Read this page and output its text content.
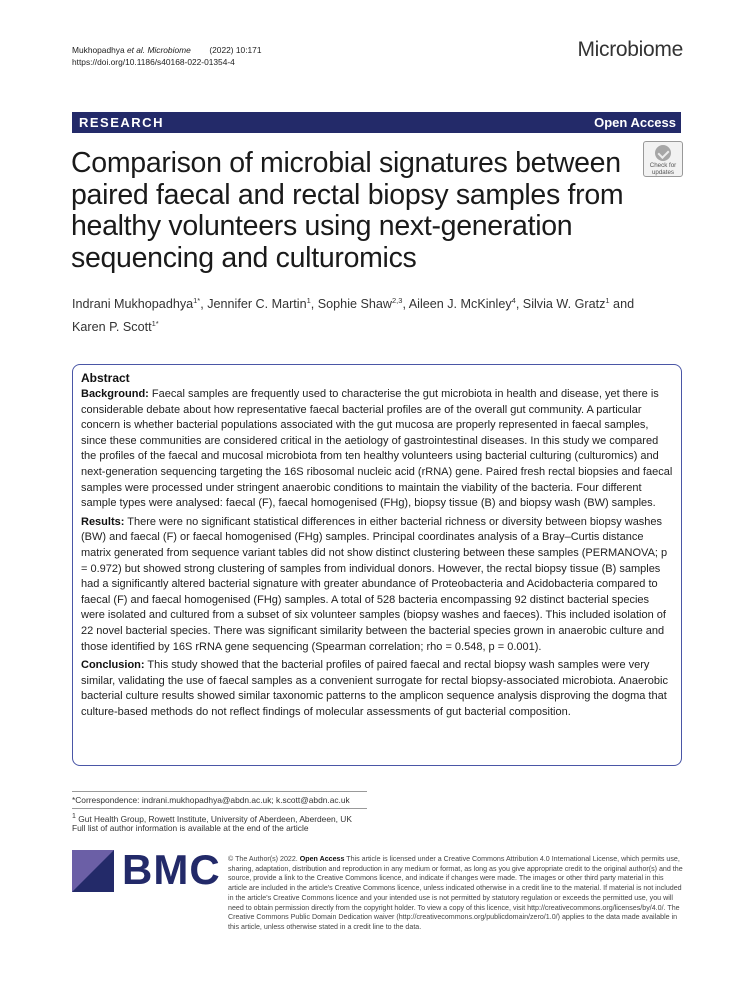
Mukhopadhya et al. Microbiome        (2022) 10:171
https://doi.org/10.1186/s40168-022-01354-4
Microbiome
RESEARCH	Open Access
Check for
updates
Comparison of microbial signatures between paired faecal and rectal biopsy samples from healthy volunteers using next-generation sequencing and culturomics
Indrani Mukhopadhya$^{1*}$, Jennifer C. Martin$^1$, Sophie Shaw$^{2,3}$, Aileen J. McKinley$^4$, Silvia W. Gratz$^1$ and
Karen P. Scott$^{1*}$
Abstract

Background: Faecal samples are frequently used to characterise the gut microbiota in health and disease, yet there is considerable debate about how representative faecal bacterial profiles are of the overall gut community. A particular concern is whether bacterial populations associated with the gut mucosa are properly represented in faecal samples, since these communities are considered critical in the aetiology of gastrointestinal diseases. In this study we compared the profiles of the faecal and mucosal microbiota from ten healthy volunteers using bacterial culturing (culturomics) and next-generation sequencing targeting the 16S ribosomal nucleic acid (rRNA) gene. Paired fresh rectal biopsies and faecal samples were processed under stringent anaerobic conditions to maintain the viability of the bacteria. Four different sample types were analysed: faecal (F), faecal homogenised (FHg), biopsy tissue (B) and biopsy wash (BW) samples.

Results: There were no significant statistical differences in either bacterial richness or diversity between biopsy washes (BW) and faecal (F) or faecal homogenised (FHg) samples. Principal coordinates analysis of a Bray–Curtis distance matrix generated from sequence variant tables did not show distinct clustering between these samples (PERMANOVA; p = 0.972) but showed strong clustering of samples from individual donors. However, the rectal biopsy tissue (B) samples had a significantly altered bacterial signature with greater abundance of Proteobacteria and Acidobacteria compared to faecal (F) and faecal homogenised (FHg) samples. A total of 528 bacteria encompassing 92 distinct bacterial species were isolated and cultured from a subset of six volunteer samples (biopsy washes and faeces). This included isolation of 22 novel bacterial species. There was significant similarity between the bacterial species grown in anaerobic culture and those identified by 16S rRNA gene sequencing (Spearman correlation; rho = 0.548, p = 0.001).

Conclusion: This study showed that the bacterial profiles of paired faecal and rectal biopsy wash samples were very similar, validating the use of faecal samples as a convenient surrogate for rectal biopsy-associated microbiota. Anaerobic bacterial culture results showed similar taxonomic patterns to the amplicon sequence analysis disproving the dogma that culture-based methods do not reflect findings of molecular assessments of gut bacterial composition.

*Correspondence: indrani.mukhopadhya@abdn.ac.uk; k.scott@abdn.ac.uk
$^1$ Gut Health Group, Rowett Institute, University of Aberdeen, Aberdeen, UK
Full list of author information is available at the end of the article
BMC © The Author(s) 2022. Open Access This article is licensed under a Creative Commons Attribution 4.0 International License, which permits use, sharing, adaptation, distribution and reproduction in any medium or format, as long as you give appropriate credit to the original author(s) and the source, provide a link to the Creative Commons licence, and indicate if changes were made. The images or other third party material in this article are included in the article's Creative Commons licence, unless indicated otherwise in a credit line to the material. If material is not included in the article's Creative Commons licence and your intended use is not permitted by statutory regulation or exceeds the permitted use, you will need to obtain permission directly from the copyright holder. To view a copy of this licence, visit http://creativecommons.org/licenses/by/4.0/. The Creative Commons Public Domain Dedication waiver (http://creativecommons.org/publicdomain/zero/1.0/) applies to the data made available in this article, unless otherwise stated in a credit line to the data.
